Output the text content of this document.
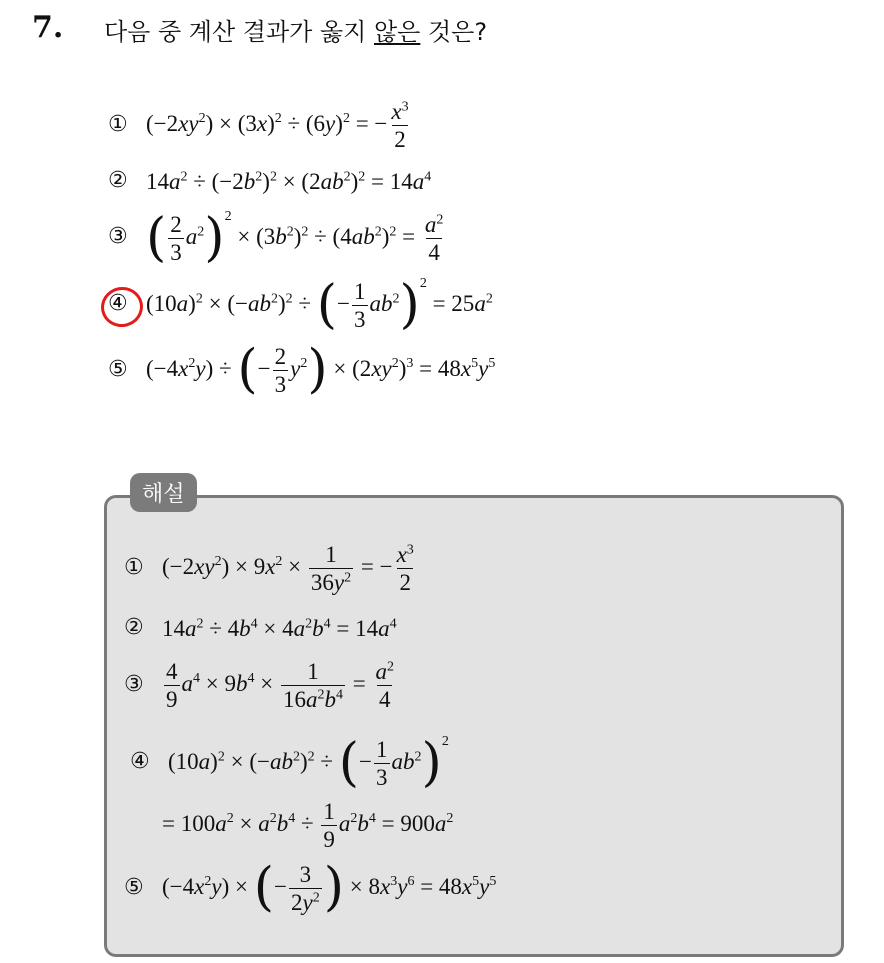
7. 다음 중 계산 결과가 옳지 않은 것은?
① $(-2xy^2) \times (3x)^2 \div (6y)^2$ = − $\frac{x^3}{2}$
② $14a^2 \div (-2b^2)^2 \times (2ab^2)^2 = 14a^4$
③ ( $\frac{2}{3} a^2)^2 \times (3b^2)^2 \div (4ab^2)^2 = \frac{a^2}{4}$
④ $(10a)^2 \times (-ab^2)^2$ ÷ (− $\frac{1}{3} ab^2)^2 = 25a^2$
⑤ $(-4x^2y)$ ÷ (− $\frac{2}{3} y^2) \times (2xy^2)^3 = 48x^5y^5$
해설
① $(-2xy^2) \times 9x^2 \times \frac{1}{36y^2}$ = − $\frac{x^3}{2}$
② $14a^2 \div 4b^4 \times 4a^2b^4 = 14a^4$
③ $\frac{4}{9} a^4 \times 9b^4 \times \frac{1}{16a^2b^4} = \frac{a^2}{4}$
④ $(10a)^2 \times (-ab^2)^2$ ÷ (− $\frac{1}{3} ab^2)^2$
= $100a^2 \times a^2b^4 \div \frac{1}{9} a^2b^4 = 900a^2$
⑤ $(-4x^2y)$ × (− $\frac{3}{2y^2}$ ) × $8x^3y^6 = 48x^5y^5$
